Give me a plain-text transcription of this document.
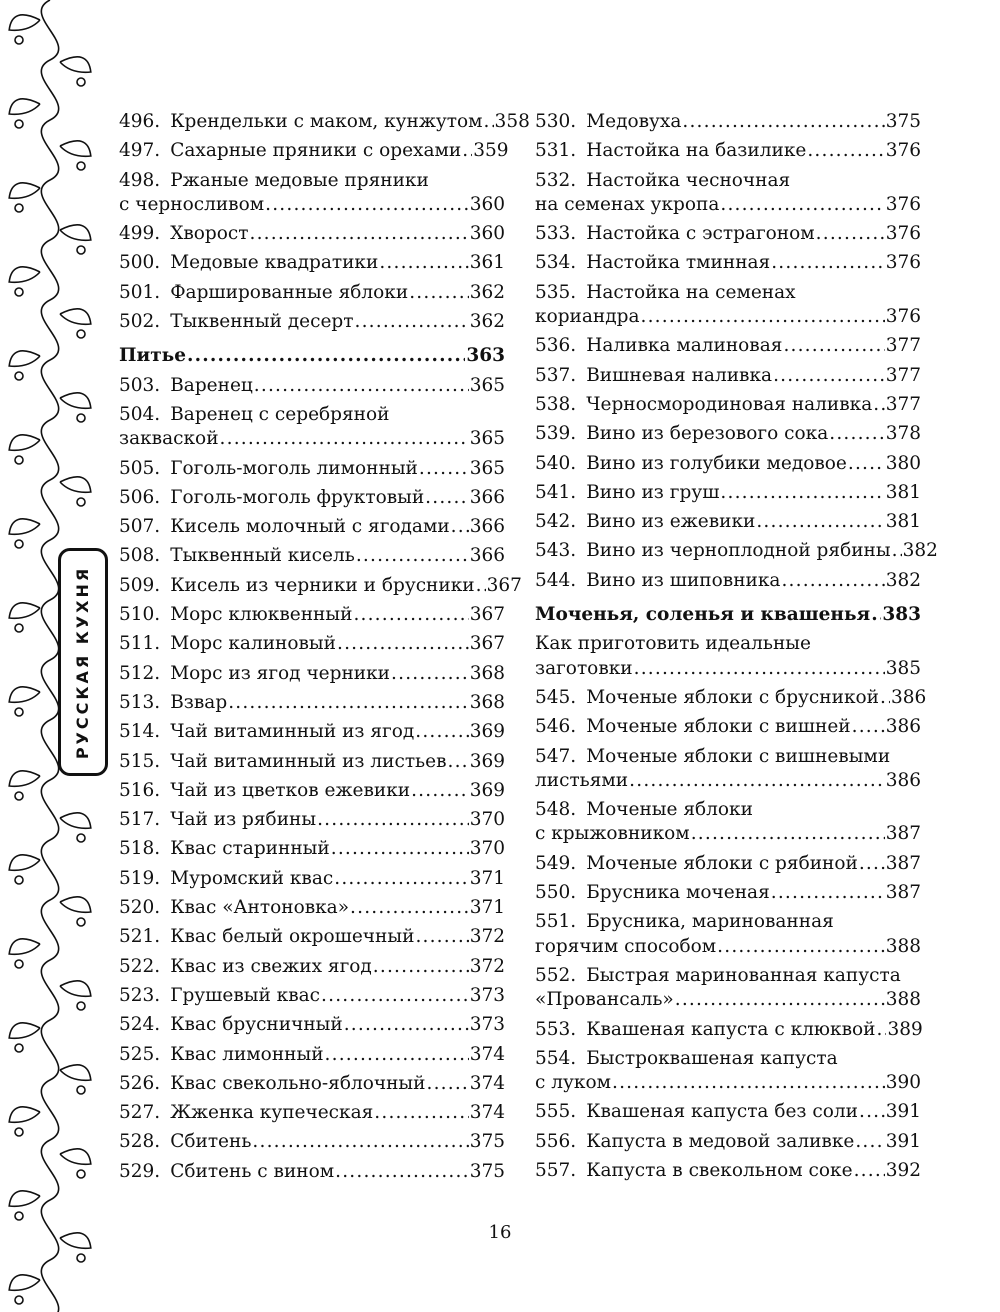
РУССКАЯ КУХНЯ
496. Крендельки с маком, кунжутом ..... 358
497. Сахарные пряники с орехами ..... 359
498. Ржаные медовые пряники
с черносливом .....	360
499. Хворост .....	360
500. Медовые квадратики .....	361
501. Фаршированные яблоки .....	362
502. Тыквенный десерт .....	362
Питье .....	363
503. Варенец .....	365
504. Варенец с серебряной
закваской .....	365
505. Гоголь-моголь лимонный .....	365
506. Гоголь-моголь фруктовый ..... 366
507. Кисель молочный с ягодами ..... 366
508. Тыквенный кисель .....	366
509. Кисель из черники и брусники ..... 367
510. Морс клюквенный .....	367
511. Морс калиновый .....	367
512. Морс из ягод черники .....	368
513. Взвар .....	368
514. Чай витаминный из ягод .....	369
515. Чай витаминный из листьев ..... 369
516. Чай из цветков ежевики .....	369
517. Чай из рябины .....	370
518. Квас старинный .....	370
519. Муромский квас .....	371
520. Квас «Антоновка» .....	371
521. Квас белый окрошечный .....	372
522. Квас из свежих ягод .....	372
523. Грушевый квас .....	373
524. Квас брусничный .....	373
525. Квас лимонный .....	374
526. Квас свекольно-яблочный ..... 374
527. Жженка купеческая .....	374
528. Сбитень .....	375
529. Сбитень с вином .....	375
530. Медовуха .....	375
531. Настойка на базилике .....	376
532. Настойка чесночная
на семенах укропа .....	376
533. Настойка с эстрагоном .....	376
534. Настойка тминная .....	376
535. Настойка на семенах
кориандра .....	376
536. Наливка малиновая .....	377
537. Вишневая наливка .....	377
538. Черносмородиновая наливка ..... 377
539. Вино из березового сока .....	378
540. Вино из голубики медовое ..... 380
541. Вино из груш .....	381
542. Вино из ежевики .....	381
543. Вино из черноплодной рябины ..... 382
544. Вино из шиповника .....	382
Моченья, соленья и квашенья ..... 383
Как приготовить идеальные
заготовки .....	385
545. Моченые яблоки с брусникой ..... 386
546. Моченые яблоки с вишней ..... 386
547. Моченые яблоки с вишневыми
листьями .....	386
548. Моченые яблоки
с крыжовником .....	387
549. Моченые яблоки с рябиной ..... 387
550. Брусника моченая .....	387
551. Брусника, маринованная
горячим способом .....	388
552. Быстрая маринованная капуста
«Провансаль» .....	388
553. Квашеная капуста с клюквой ..... 389
554. Быстроквашеная капуста
с луком .....	390
555. Квашеная капуста без соли ..... 391
556. Капуста в медовой заливке ..... 391
557. Капуста в свекольном соке ..... 392
16
